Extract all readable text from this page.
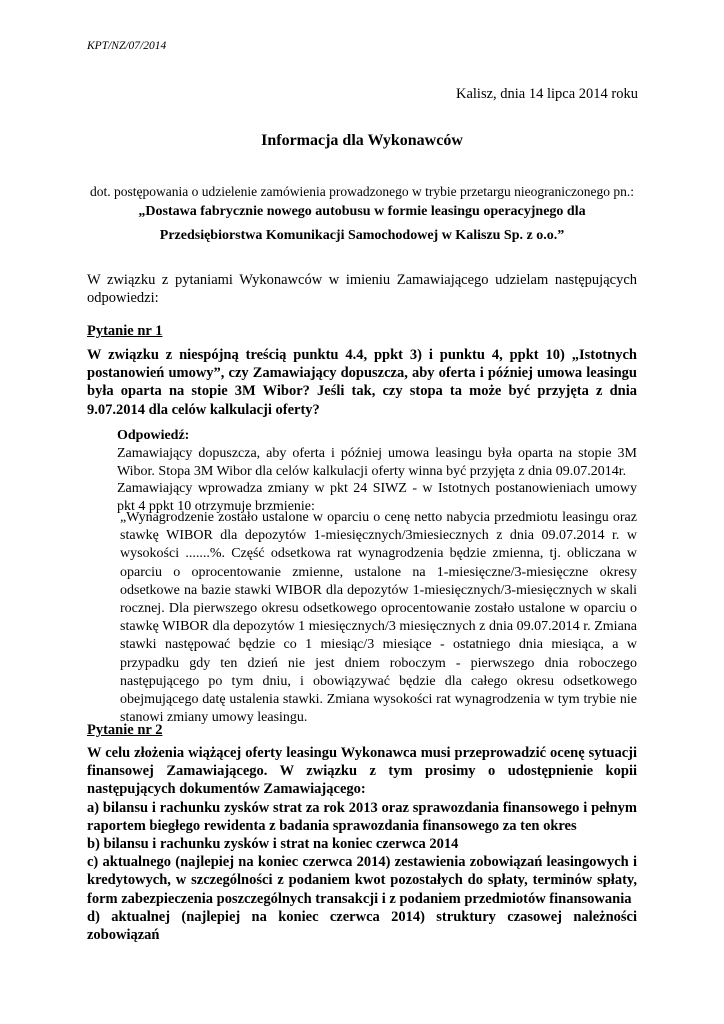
KPT/NZ/07/2014

Kalisz, dnia 14 lipca 2014 roku

Informacja dla Wykonawców

dot. postępowania o udzielenie zamówienia prowadzonego w trybie przetargu nieograniczonego pn.:

„Dostawa fabrycznie nowego autobusu w formie leasingu operacyjnego dla Przedsiębiorstwa Komunikacji Samochodowej w Kaliszu Sp. z o.o.”

W związku z pytaniami Wykonawców w imieniu Zamawiającego udzielam następujących odpowiedzi:

Pytanie nr 1

W związku z niespójną treścią punktu 4.4, ppkt 3) i punktu 4, ppkt 10) „Istotnych postanowień umowy”, czy Zamawiający dopuszcza, aby oferta i później umowa leasingu była oparta na stopie 3M Wibor? Jeśli tak, czy stopa ta może być przyjęta z dnia 9.07.2014 dla celów kalkulacji oferty?

Odpowiedź:
Zamawiający dopuszcza, aby oferta i później umowa leasingu była oparta na stopie 3M Wibor. Stopa 3M Wibor dla celów kalkulacji oferty winna być przyjęta z dnia 09.07.2014r.
Zamawiający wprowadza zmiany w pkt 24 SIWZ - w Istotnych postanowieniach umowy pkt 4 ppkt 10 otrzymuje brzmienie:

„Wynagrodzenie zostało ustalone w oparciu o cenę netto nabycia przedmiotu leasingu oraz stawkę WIBOR dla depozytów 1-miesięcznych/3miesiecznych z dnia 09.07.2014 r. w wysokości .......%. Część odsetkowa rat wynagrodzenia będzie zmienna, tj. obliczana w oparciu o oprocentowanie zmienne, ustalone na 1-miesięczne/3-miesięczne okresy odsetkowe na bazie stawki WIBOR dla depozytów 1-miesięcznych/3-miesięcznych w skali rocznej. Dla pierwszego okresu odsetkowego oprocentowanie zostało ustalone w oparciu o stawkę WIBOR dla depozytów 1 miesięcznych/3 miesięcznych z dnia 09.07.2014 r. Zmiana stawki następować będzie co 1 miesiąc/3 miesiące - ostatniego dnia miesiąca, a w przypadku gdy ten dzień nie jest dniem roboczym - pierwszego dnia roboczego następującego po tym dniu, i obowiązywać będzie dla całego okresu odsetkowego obejmującego datę ustalenia stawki. Zmiana wysokości rat wynagrodzenia w tym trybie nie stanowi zmiany umowy leasingu.

Pytanie nr 2

W celu złożenia wiążącej oferty leasingu Wykonawca musi przeprowadzić ocenę sytuacji finansowej Zamawiającego. W związku z tym prosimy o udostępnienie kopii następujących dokumentów Zamawiającego:
a) bilansu i rachunku zysków strat za rok 2013 oraz sprawozdania finansowego i pełnym raportem biegłego rewidenta z badania sprawozdania finansowego za ten okres
b) bilansu i rachunku zysków i strat na koniec czerwca 2014
c) aktualnego (najlepiej na koniec czerwca 2014) zestawienia zobowiązań leasingowych i kredytowych, w szczególności z podaniem kwot pozostałych do spłaty, terminów spłaty, form zabezpieczenia poszczególnych transakcji i z podaniem przedmiotów finansowania
d) aktualnej (najlepiej na koniec czerwca 2014) struktury czasowej należności zobowiązań
